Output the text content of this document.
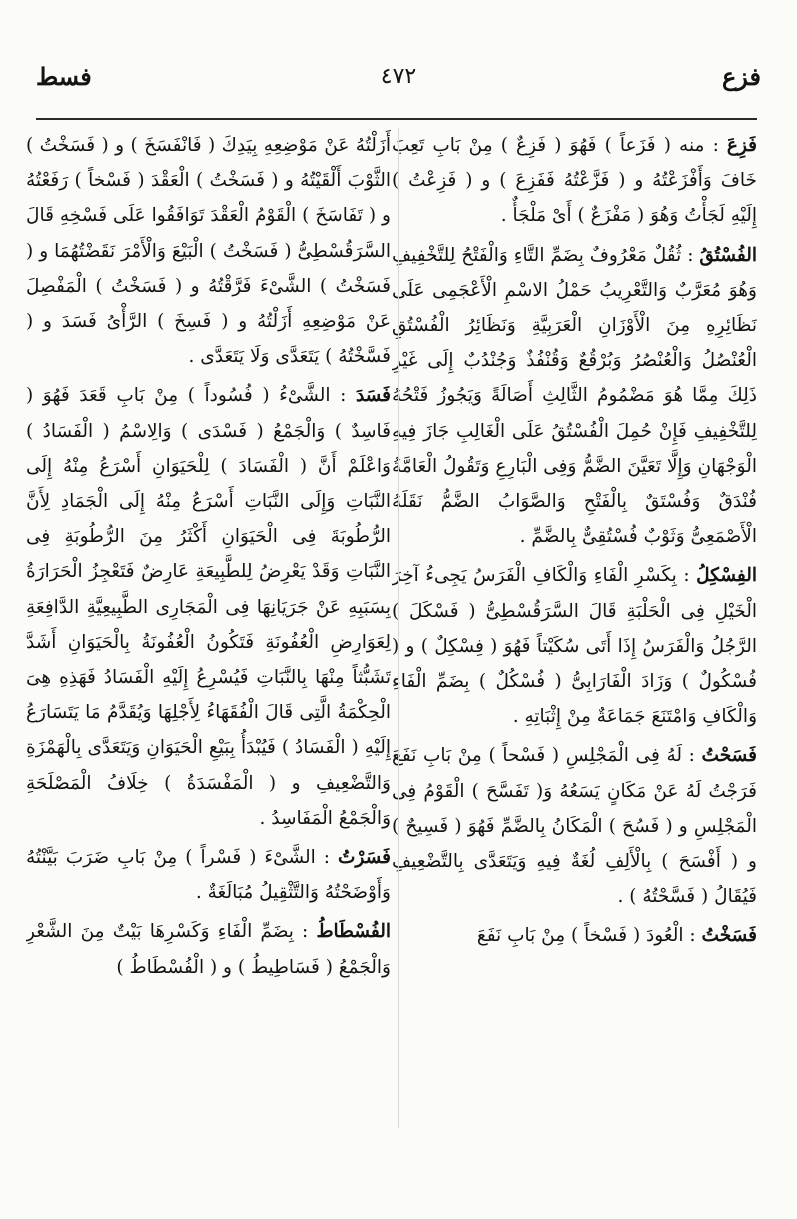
فزع
٤٧٢
فسط

فَزِعَ : منه ( فَزَعاً ) فَهُوَ ( فَزِعٌ ) مِنْ بَابِ تَعِبَ خَافَ وَأَفْزَعْتُهُ و ( فَزَّعْتُهُ فَفَزِعَ ) و ( فَزِعْتُ ) إِلَيْهِ لَجَأْتُ وَهُوَ ( مَفْزَعٌ ) أَىْ مَلْجَأٌ .

الفُسْتُقُ : ثُقُلٌ مَعْرُوفٌ بِضَمِّ التَّاءِ وَالْفَتْحُ لِلتَّخْفِيفِ وَهُوَ مُعَرَّبٌ وَالتَّعْرِيبُ حَمْلُ الاسْمِ الْأَعْجَمِى عَلَى نَظَائِرِهِ مِنَ الْأَوْزَانِ الْعَرَبِيَّةِ وَنَظَائِرُ الْفُسْتُقِ الْعُنْصُلُ وَالْعُنْصُرُ وَبُرْقُعٌ وَقُنْفُذٌ وَجُنْدُبٌ إِلَى غَيْرِ ذَلِكَ مِمَّا هُوَ مَضْمُومُ الثَّالِثِ أَصَالَةً وَيَجُوزُ فَتْحُهُ لِلتَّخْفِيفِ فَإِنْ حُمِلَ الْفُسْتُقُ عَلَى الْغَالِبِ جَازَ فِيهِ الْوَجْهَانِ وَإِلَّا تَعَيَّنَ الضَّمُّ وَفِى الْبَارِعِ وَتَقُولُ الْعَامَّةُ فُنْدَقٌ وَفُسْتَقٌ بِالْفَتْحِ وَالصَّوَابُ الضَّمُّ نَقَلَهُ الْأَصْمَعِىُّ وَثَوْبٌ فُسْتُقِىٌّ بِالضَّمِّ .

الفِسْكِلُ : بِكَسْرِ الْفَاءِ وَالْكَافِ الْفَرَسُ يَجِىءُ آخِرَ الْخَيْلِ فِى الْحَلْبَةِ قَالَ السَّرَقُسْطِىُّ ( فَسْكَلَ ) الرَّجُلُ وَالْفَرَسُ إِذَا أَتَى سُكَيْتاً فَهُوَ ( فِسْكِلٌ ) و ( فُسْكُولٌ ) وَزَادَ الْفَارَابِىُّ ( فُسْكُلٌ ) بِضَمِّ الْفَاءِ وَالْكَافِ وَامْتَنَعَ جَمَاعَةٌ مِنْ إِثْبَاتِهِ .

فَسَحْتُ : لَهُ فِى الْمَجْلِسِ ( فَسْحاً ) مِنْ بَابِ نَفَعَ فَرَجْتُ لَهُ عَنْ مَكَانٍ يَسَعُهُ وَ( تَفَسَّحَ ) الْقَوْمُ فِى الْمَجْلِسِ و ( فَسُحَ ) الْمَكَانُ بِالضَّمِّ فَهُوَ ( فَسِيحٌ ) و ( أَفْسَحَ ) بِالْأَلِفِ لُغَةٌ فِيهِ وَيَتَعَدَّى بِالتَّضْعِيفِ فَيُقَالُ ( فَسَّحْتُهُ ) .

فَسَخْتُ : الْعُودَ ( فَسْخاً ) مِنْ بَابِ نَفَعَ

أَزَلْتُهُ عَنْ مَوْضِعِهِ بِيَدِكَ ( فَانْفَسَخَ ) و ( فَسَخْتُ ) الثَّوْبَ أَلْقَيْتُهُ و ( فَسَخْتُ ) الْعَقْدَ ( فَسْخاً ) رَفَعْتُهُ و ( تَفَاسَخَ ) الْقَوْمُ الْعَقْدَ تَوَافَقُوا عَلَى فَسْخِهِ قَالَ السَّرَقُسْطِىُّ ( فَسَخْتُ ) الْبَيْعَ وَالْأَمْرَ نَقَضْتُهُمَا و ( فَسَخْتُ ) الشَّىْءَ فَرَّقْتُهُ و ( فَسَخْتُ ) الْمَفْصِلَ عَنْ مَوْضِعِهِ أَزَلْتُهُ و ( فَسِخَ ) الرَّأْىُ فَسَدَ و ( فَسَّخْتُهُ ) يَتَعَدَّى وَلَا يَتَعَدَّى .

فَسَدَ : الشَّىْءُ ( فُسُوداً ) مِنْ بَابِ قَعَدَ فَهُوَ ( فَاسِدٌ ) وَالْجَمْعُ ( فَسْدَى ) وَالِاسْمُ ( الْفَسَادُ ) وَاعْلَمْ أَنَّ ( الْفَسَادَ ) لِلْحَيَوَانِ أَسْرَعُ مِنْهُ إِلَى النَّبَاتِ وَإِلَى النَّبَاتِ أَسْرَعُ مِنْهُ إِلَى الْجَمَادِ لِأَنَّ الرُّطُوبَةَ فِى الْحَيَوَانِ أَكْثَرُ مِنَ الرُّطُوبَةِ فِى النَّبَاتِ وَقَدْ يَعْرِضُ لِلطَّبِيعَةِ عَارِضٌ فَتَعْجِزُ الْحَرَارَةُ بِسَبَبِهِ عَنْ جَرَيَانِهَا فِى الْمَجَارِى الطَّبِيعِيَّةِ الدَّافِعَةِ لِعَوَارِضِ الْعُفُونَةِ فَتَكُونُ الْعُفُونَةُ بِالْحَيَوَانِ أَشَدَّ تَشَبُّثاً مِنْهَا بِالنَّبَاتِ فَيُسْرِعُ إِلَيْهِ الْفَسَادُ فَهَذِهِ هِىَ الْحِكْمَةُ الَّتِى قَالَ الْفُقَهَاءُ لِأَجْلِهَا وَيُقَدَّمُ مَا يَتَسَارَعُ إِلَيْهِ ( الْفَسَادُ ) فَيُبْدَأُ بِبَيْعِ الْحَيَوَانِ وَيَتَعَدَّى بِالْهَمْزَةِ وَالتَّضْعِيفِ و ( الْمَفْسَدَةُ ) خِلَافُ الْمَصْلَحَةِ وَالْجَمْعُ الْمَفَاسِدُ .

فَسَرْتُ : الشَّىْءَ ( فَسْراً ) مِنْ بَابِ ضَرَبَ بَيَّنْتُهُ وَأَوْضَحْتُهُ وَالتَّثْقِيلُ مُبَالَغَةٌ .

الفُسْطَاطُ : بِضَمِّ الْفَاءِ وَكَسْرِهَا بَيْتٌ مِنَ الشَّعْرِ وَالْجَمْعُ ( فَسَاطِيطُ ) و ( الْفُسْطَاطُ )
